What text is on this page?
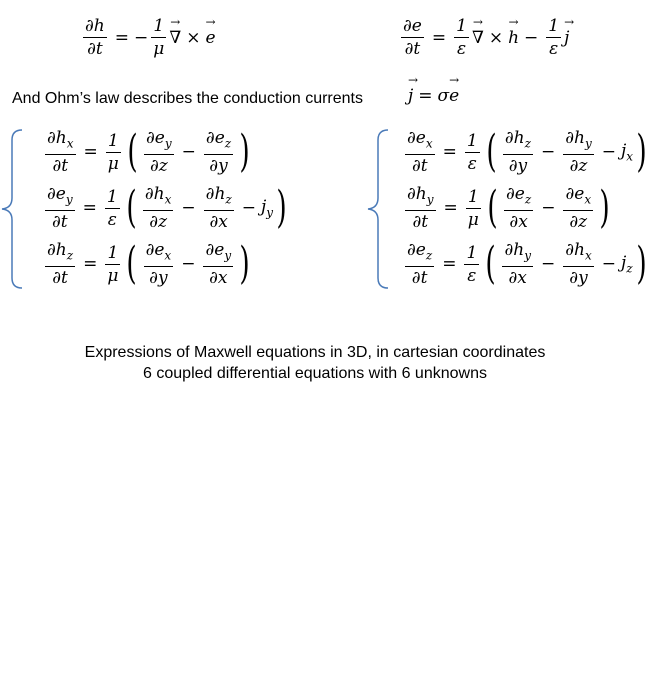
$\frac{\partial h}{\partial t}$ = − $\frac{1}{\mu}$
→ ∇ ×
→ e	$\frac{\partial e}{\partial t} = \frac{1}{\varepsilon}$
→ ∇ ×
→ $h - \frac{1}{\varepsilon}$
→ j
And Ohm’s law describes the conduction currents
→	j = σ
→ e
$\frac{\partial h_x}{\partial t} = \frac{1}{\mu}$ ( $\frac{\partial e_y}{\partial z} - \frac{\partial e_z}{\partial y}$ )
$\frac{\partial e_y}{\partial t} = \frac{1}{\varepsilon}$ ( $\frac{\partial h_x}{\partial z} - \frac{\partial h_z}{\partial x} - j_y$ )
$\frac{\partial h_z}{\partial t} = \frac{1}{\mu}$ ( $\frac{\partial e_x}{\partial y} - \frac{\partial e_y}{\partial x}$ )
$\frac{\partial e_x}{\partial t} = \frac{1}{\varepsilon}$ ( $\frac{\partial h_z}{\partial y} - \frac{\partial h_y}{\partial z} - j_x$ )
$\frac{\partial h_y}{\partial t} = \frac{1}{\mu}$ ( $\frac{\partial e_z}{\partial x} - \frac{\partial e_x}{\partial z}$ )
$\frac{\partial e_z}{\partial t} = \frac{1}{\varepsilon}$ ( $\frac{\partial h_y}{\partial x} - \frac{\partial h_x}{\partial y} - j_z$ )
Expressions of Maxwell equations in 3D, in cartesian coordinates
6 coupled differential equations with 6 unknowns
